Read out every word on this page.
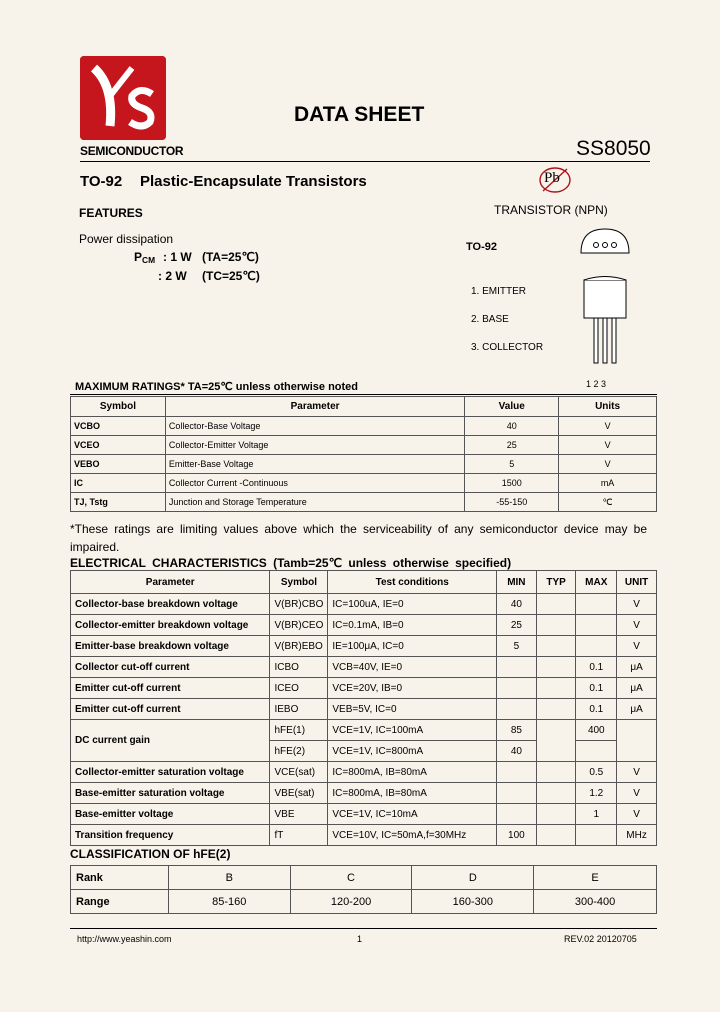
SEMICONDUCTOR
DATA SHEET
SS8050
TO-92 Plastic-Encapsulate Transistors	Pb
TRANSISTOR (NPN)
FEATURES
Power dissipation
$P_{CM}$ : 1 W (TA=25℃)
: 2 W (TC=25℃)
TO-92
1. EMITTER
2. BASE
3. COLLECTOR
1 2 3
MAXIMUM RATINGS* TA=25℃ unless otherwise noted
Symbol	Parameter	Value	Units
VCBO	Collector-Base Voltage	40	V
VCEO	Collector-Emitter Voltage	25	V
VEBO	Emitter-Base Voltage	5	V
IC	Collector Current -Continuous	1500	mA
TJ, Tstg	Junction and Storage Temperature	-55-150	℃
*These ratings are limiting values above which the serviceability of any semiconductor device may be impaired.
ELECTRICAL CHARACTERISTICS (Tamb=25℃ unless otherwise specified)
Parameter	Symbol	Test conditions	MIN	TYP	MAX	UNIT
Collector-base breakdown voltage	V(BR)CBO	IC=100uA, IE=0	40			V
Collector-emitter breakdown voltage	V(BR)CEO	IC=0.1mA, IB=0	25			V
Emitter-base breakdown voltage	V(BR)EBO	IE=100μA, IC=0	5			V
Collector cut-off current	ICBO	VCB=40V, IE=0			0.1	μA
Emitter cut-off current	ICEO	VCE=20V, IB=0			0.1	μA
Emitter cut-off current	IEBO	VEB=5V, IC=0			0.1	μA
DC current gain	hFE(1)	VCE=1V, IC=100mA	85		400	
	hFE(2)	VCE=1V, IC=800mA	40			
Collector-emitter saturation voltage	VCE(sat)	IC=800mA, IB=80mA			0.5	V
Base-emitter saturation voltage	VBE(sat)	IC=800mA, IB=80mA			1.2	V
Base-emitter voltage	VBE	VCE=1V, IC=10mA			1	V
Transition frequency	fT	VCE=10V, IC=50mA,f=30MHz	100			MHz
CLASSIFICATION OF hFE(2)
Rank	B	C	D	E
Range	85-160	120-200	160-300	300-400
http://www.yeashin.com	1	REV.02 20120705
